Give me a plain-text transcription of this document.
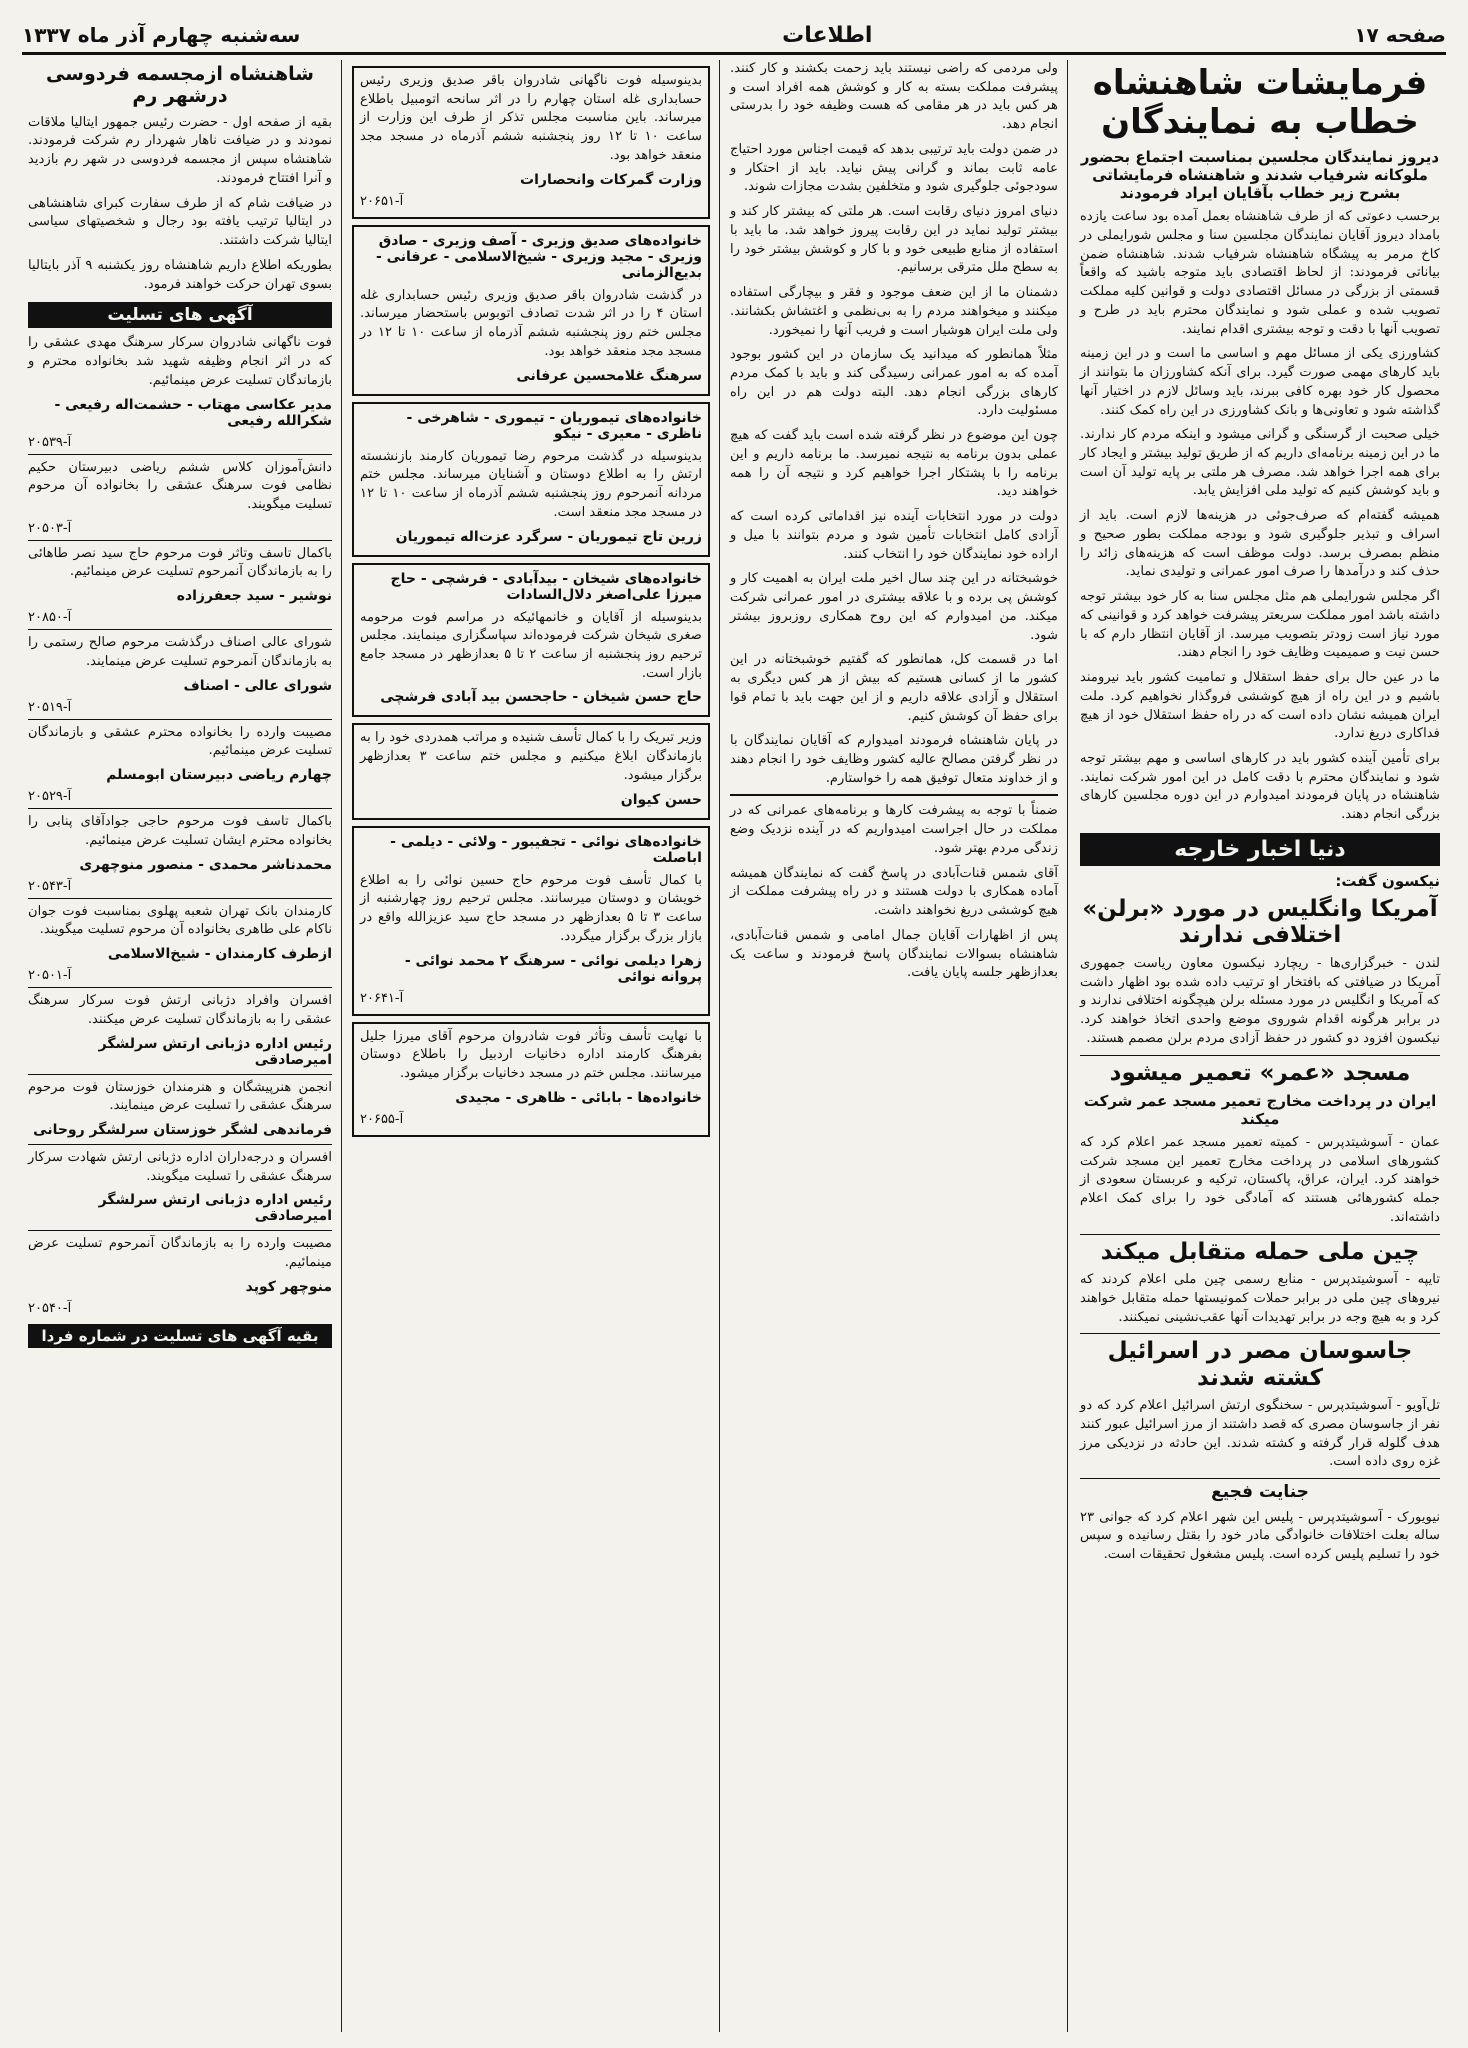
صفحه ۱۷
اطلاعات
سه‌شنبه چهارم آذر ماه ۱۳۳۷
فرمایشات شاهنشاه خطاب به نمایندگان
دیروز نمایندگان مجلسین بمناسبت اجتماع بحضور ملوکانه شرفیاب شدند و شاهنشاه فرمایشاتی بشرح زیر خطاب بآقایان ایراد فرمودند

برحسب دعوتی که از طرف شاهنشاه بعمل آمده بود ساعت یازده بامداد دیروز آقایان نمایندگان مجلسین سنا و مجلس شورایملی در کاخ مرمر به پیشگاه شاهنشاه شرفیاب شدند. شاهنشاه ضمن بیاناتی فرمودند: از لحاظ اقتصادی باید متوجه باشید که واقعاً قسمتی از بزرگی در مسائل اقتصادی دولت و قوانین کلیه مملکت تصویب شده و عملی شود و نمایندگان محترم باید در طرح و تصویب آنها با دقت و توجه بیشتری اقدام نمایند.

کشاورزی یکی از مسائل مهم و اساسی ما است و در این زمینه باید کارهای مهمی صورت گیرد. برای آنکه کشاورزان ما بتوانند از محصول کار خود بهره کافی ببرند، باید وسائل لازم در اختیار آنها گذاشته شود و تعاونی‌ها و بانک کشاورزی در این راه کمک کنند.

خیلی صحبت از گرسنگی و گرانی میشود و اینکه مردم کار ندارند. ما در این زمینه برنامه‌ای داریم که از طریق تولید بیشتر و ایجاد کار برای همه اجرا خواهد شد. مصرف هر ملتی بر پایه تولید آن است و باید کوشش کنیم که تولید ملی افزایش یابد.

همیشه گفته‌ام که صرف‌جوئی در هزینه‌ها لازم است. باید از اسراف و تبذیر جلوگیری شود و بودجه مملکت بطور صحیح و منظم بمصرف برسد. دولت موظف است که هزینه‌های زائد را حذف کند و درآمدها را صرف امور عمرانی و تولیدی نماید.

اگر مجلس شورایملی هم مثل مجلس سنا به کار خود بیشتر توجه داشته باشد امور مملکت سریعتر پیشرفت خواهد کرد و قوانینی که مورد نیاز است زودتر بتصویب میرسد. از آقایان انتظار دارم که با حسن نیت و صمیمیت وظایف خود را انجام دهند.

ما در عین حال برای حفظ استقلال و تمامیت کشور باید نیرومند باشیم و در این راه از هیچ کوششی فروگذار نخواهیم کرد. ملت ایران همیشه نشان داده است که در راه حفظ استقلال خود از هیچ فداکاری دریغ ندارد.

برای تأمین آینده کشور باید در کارهای اساسی و مهم بیشتر توجه شود و نمایندگان محترم با دقت کامل در این امور شرکت نمایند. شاهنشاه در پایان فرمودند امیدوارم در این دوره مجلسین کارهای بزرگی انجام دهند.

دنیا اخبار خارجه
نیکسون گفت:
آمریکا وانگلیس در مورد «برلن» اختلافی ندارند

لندن - خبرگزاری‌ها - ریچارد نیکسون معاون ریاست جمهوری آمریکا در ضیافتی که بافتخار او ترتیب داده شده بود اظهار داشت که آمریکا و انگلیس در مورد مسئله برلن هیچگونه اختلافی ندارند و در برابر هرگونه اقدام شوروی موضع واحدی اتخاذ خواهند کرد. نیکسون افزود دو کشور در حفظ آزادی مردم برلن مصمم هستند.

مسجد «عمر» تعمیر میشود
ایران در پرداخت مخارج تعمیر مسجد عمر شرکت میکند

عمان - آسوشیتدپرس - کمیته تعمیر مسجد عمر اعلام کرد که کشورهای اسلامی در پرداخت مخارج تعمیر این مسجد شرکت خواهند کرد. ایران، عراق، پاکستان، ترکیه و عربستان سعودی از جمله کشورهائی هستند که آمادگی خود را برای کمک اعلام داشته‌اند.

چین ملی حمله متقابل میکند

تایپه - آسوشیتدپرس - منابع رسمی چین ملی اعلام کردند که نیروهای چین ملی در برابر حملات کمونیستها حمله متقابل خواهند کرد و به هیچ وجه در برابر تهدیدات آنها عقب‌نشینی نمیکنند.

جاسوسان مصر در اسرائیل کشته شدند

تل‌آویو - آسوشیتدپرس - سخنگوی ارتش اسرائیل اعلام کرد که دو نفر از جاسوسان مصری که قصد داشتند از مرز اسرائیل عبور کنند هدف گلوله قرار گرفته و کشته شدند. این حادثه در نزدیکی مرز غزه روی داده است.

جنایت فجیع

نیویورک - آسوشیتدپرس - پلیس این شهر اعلام کرد که جوانی ۲۳ ساله بعلت اختلافات خانوادگی مادر خود را بقتل رسانیده و سپس خود را تسلیم پلیس کرده است. پلیس مشغول تحقیقات است.

ولی مردمی که راضی نیستند باید زحمت بکشند و کار کنند. پیشرفت مملکت بسته به کار و کوشش همه افراد است و هر کس باید در هر مقامی که هست وظیفه خود را بدرستی انجام دهد.

در ضمن دولت باید ترتیبی بدهد که قیمت اجناس مورد احتیاج عامه ثابت بماند و گرانی پیش نیاید. باید از احتکار و سودجوئی جلوگیری شود و متخلفین بشدت مجازات شوند.

دنیای امروز دنیای رقابت است. هر ملتی که بیشتر کار کند و بیشتر تولید نماید در این رقابت پیروز خواهد شد. ما باید با استفاده از منابع طبیعی خود و با کار و کوشش بیشتر خود را به سطح ملل مترقی برسانیم.

دشمنان ما از این ضعف موجود و فقر و بیچارگی استفاده میکنند و میخواهند مردم را به بی‌نظمی و اغتشاش بکشانند. ولی ملت ایران هوشیار است و فریب آنها را نمیخورد.

مثلاً همانطور که میدانید یک سازمان در این کشور بوجود آمده که به امور عمرانی رسیدگی کند و باید با کمک مردم کارهای بزرگی انجام دهد. البته دولت هم در این راه مسئولیت دارد.

چون این موضوع در نظر گرفته شده است باید گفت که هیچ عملی بدون برنامه به نتیجه نمیرسد. ما برنامه داریم و این برنامه را با پشتکار اجرا خواهیم کرد و نتیجه آن را همه خواهند دید.

دولت در مورد انتخابات آینده نیز اقداماتی کرده است که آزادی کامل انتخابات تأمین شود و مردم بتوانند با میل و اراده خود نمایندگان خود را انتخاب کنند.

خوشبختانه در این چند سال اخیر ملت ایران به اهمیت کار و کوشش پی برده و با علاقه بیشتری در امور عمرانی شرکت میکند. من امیدوارم که این روح همکاری روزبروز بیشتر شود.

اما در قسمت کل، همانطور که گفتیم خوشبختانه در این کشور ما از کسانی هستیم که بیش از هر کس دیگری به استقلال و آزادی علاقه داریم و از این جهت باید با تمام قوا برای حفظ آن کوشش کنیم.

در پایان شاهنشاه فرمودند امیدوارم که آقایان نمایندگان با در نظر گرفتن مصالح عالیه کشور وظایف خود را انجام دهند و از خداوند متعال توفیق همه را خواستارم.

ضمناً با توجه به پیشرفت کارها و برنامه‌های عمرانی که در مملکت در حال اجراست امیدواریم که در آینده نزدیک وضع زندگی مردم بهتر شود.

آقای شمس قنات‌آبادی در پاسخ گفت که نمایندگان همیشه آماده همکاری با دولت هستند و در راه پیشرفت مملکت از هیچ کوششی دریغ نخواهند داشت.

پس از اظهارات آقایان جمال امامی و شمس قنات‌آبادی، شاهنشاه بسوالات نمایندگان پاسخ فرمودند و ساعت یک بعدازظهر جلسه پایان یافت.

بدینوسیله فوت ناگهانی شادروان باقر صدیق وزیری رئیس حسابداری غله استان چهارم را در اثر سانحه اتومبیل باطلاع میرساند. باین مناسبت مجلس تذکر از طرف این وزارت از ساعت ۱۰ تا ۱۲ روز پنجشنبه ششم آذرماه در مسجد مجد منعقد خواهد بود.

وزارت گمرکات وانحصارات
آ-۲۰۶۵۱
خانواده‌های صدیق وزیری - آصف وزیری - صادق وزیری - مجید وزیری - شیخ‌الاسلامی - عرفانی - بدیع‌الزمانی

در گذشت شادروان باقر صدیق وزیری رئیس حسابداری غله استان ۴ را در اثر شدت تصادف اتوبوس باستحضار میرساند. مجلس ختم روز پنجشنبه ششم آذرماه از ساعت ۱۰ تا ۱۲ در مسجد مجد منعقد خواهد بود.

سرهنگ غلامحسین عرفانی
خانواده‌های تیموریان - تیموری - شاهرخی - ناظری - معیری - نیکو

بدینوسیله در گذشت مرحوم رضا تیموریان کارمند بازنشسته ارتش را به اطلاع دوستان و آشنایان میرساند. مجلس ختم مردانه آنمرحوم روز پنجشنبه ششم آذرماه از ساعت ۱۰ تا ۱۲ در مسجد مجد منعقد است.

زرین تاج تیموریان - سرگرد عزت‌اله تیموریان
خانواده‌های شیخان - بیدآبادی - فرشچی - حاج میرزا علی‌اصغر دلال‌السادات

بدینوسیله از آقایان و خانمهائیکه در مراسم فوت مرحومه صغری شیخان شرکت فرموده‌اند سپاسگزاری مینمایند. مجلس ترحیم روز پنجشنبه از ساعت ۲ تا ۵ بعدازظهر در مسجد جامع بازار است.

حاج حسن شیخان - حاجحسن بید آبادی فرشچی

وزیر تبریک را با کمال تأسف شنیده و مراتب همدردی خود را به بازماندگان ابلاغ میکنیم و مجلس ختم ساعت ۳ بعدازظهر برگزار میشود.

حسن کیوان
خانواده‌های نوائی - تجفیبور - ولائی - دیلمی - اباصلت

با کمال تأسف فوت مرحوم حاج حسین نوائی را به اطلاع خویشان و دوستان میرسانند. مجلس ترحیم روز چهارشنبه از ساعت ۳ تا ۵ بعدازظهر در مسجد حاج سید عزیزالله واقع در بازار بزرگ برگزار میگردد.

زهرا دیلمی نوائی - سرهنگ ۲ محمد نوائی - پروانه نوائی
آ-۲۰۶۴۱

با نهایت تأسف وتأثر فوت شادروان مرحوم آقای میرزا جلیل بفرهنگ کارمند اداره دخانیات اردبیل را باطلاع دوستان میرسانند. مجلس ختم در مسجد دخانیات برگزار میشود.

خانواده‌ها - بابائی - ظاهری - مجیدی
آ-۲۰۶۵۵
شاهنشاه ازمجسمه فردوسی درشهر رم

بقیه از صفحه اول - حضرت رئیس جمهور ایتالیا ملاقات نمودند و در ضیافت ناهار شهردار رم شرکت فرمودند. شاهنشاه سپس از مجسمه فردوسی در شهر رم بازدید و آنرا افتتاح فرمودند.

در ضیافت شام که از طرف سفارت کبرای شاهنشاهی در ایتالیا ترتیب یافته بود رجال و شخصیتهای سیاسی ایتالیا شرکت داشتند.

بطوریکه اطلاع داریم شاهنشاه روز یکشنبه ۹ آذر بایتالیا بسوی تهران حرکت خواهند فرمود.

آگهی های تسلیت

فوت ناگهانی شادروان سرکار سرهنگ مهدی عشقی را که در اثر انجام وظیفه شهید شد بخانواده محترم و بازماندگان تسلیت عرض مینمائیم.

مدیر عکاسی مهتاب - حشمت‌اله رفیعی - شکرالله رفیعی
آ-۲۰۵۳۹

دانش‌آموزان کلاس ششم ریاضی دبیرستان حکیم نظامی فوت سرهنگ عشقی را بخانواده آن مرحوم تسلیت میگویند.

آ-۲۰۵۰۳

باکمال تاسف وتاثر فوت مرحوم حاج سید نصر طاهائی را به بازماندگان آنمرحوم تسلیت عرض مینمائیم.

نوشیر - سید جعفرزاده
آ-۲۰۸۵۰

شورای عالی اصناف درگذشت مرحوم صالح رستمی را به بازماندگان آنمرحوم تسلیت عرض مینمایند.

شورای عالی - اصناف
آ-۲۰۵۱۹

مصیبت وارده را بخانواده محترم عشقی و بازماندگان تسلیت عرض مینمائیم.

چهارم ریاضی دبیرستان ابومسلم
آ-۲۰۵۲۹

باکمال تاسف فوت مرحوم حاجی جوادآقای پنابی را بخانواده محترم ایشان تسلیت عرض مینمائیم.

محمدناشر محمدی - منصور منوچهری
آ-۲۰۵۴۳

کارمندان بانک تهران شعبه پهلوی بمناسبت فوت جوان ناکام علی طاهری بخانواده آن مرحوم تسلیت میگویند.

ازطرف کارمندان - شیخ‌الاسلامی
آ-۲۰۵۰۱

افسران وافراد دژبانی ارتش فوت سرکار سرهنگ عشقی را به بازماندگان تسلیت عرض میکنند.

رئیس اداره دژبانی ارتش سرلشگر امیرصادقی

انجمن هنرپیشگان و هنرمندان خوزستان فوت مرحوم سرهنگ عشقی را تسلیت عرض مینمایند.

فرماندهی لشگر خوزستان سرلشگر روحانی

افسران و درجه‌داران اداره دژبانی ارتش شهادت سرکار سرهنگ عشقی را تسلیت میگویند.

رئیس اداره دژبانی ارتش سرلشگر امیرصادقی

مصیبت وارده را به بازماندگان آنمرحوم تسلیت عرض مینمائیم.

منوچهر کوپد
آ-۲۰۵۴۰
بقیه آگهی های تسلیت در شماره فردا
